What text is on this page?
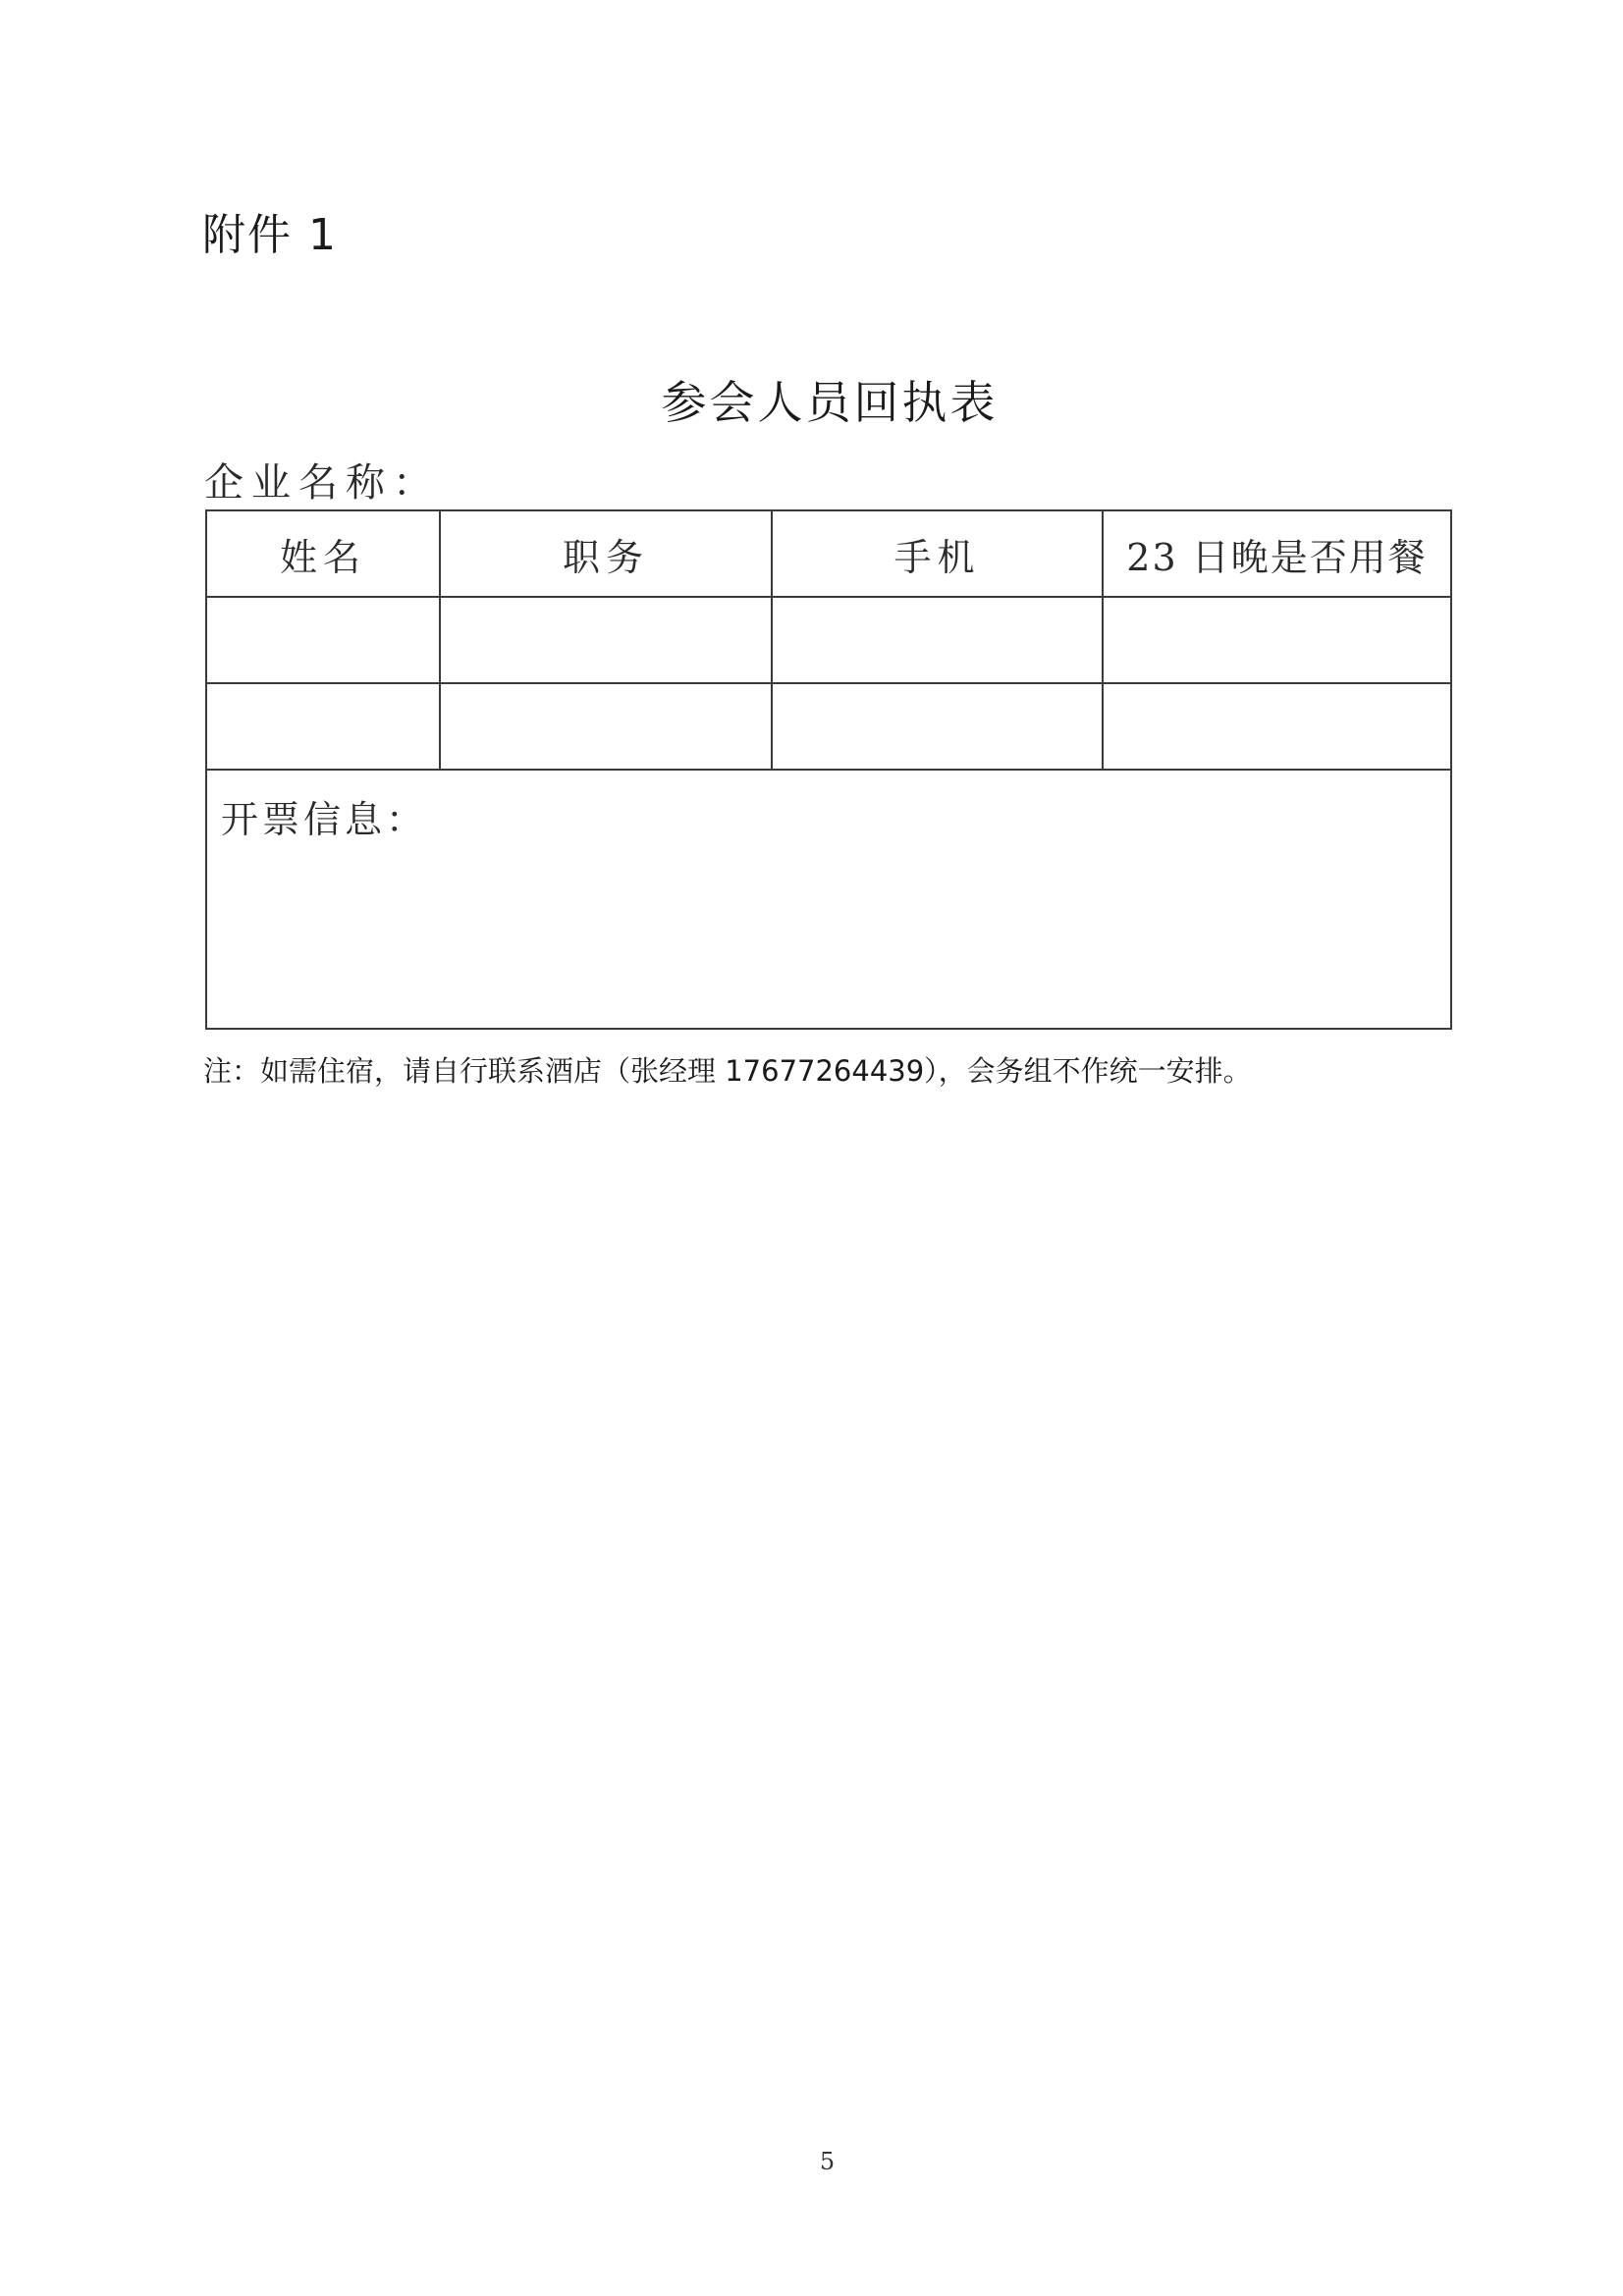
附件 1
参会人员回执表
企业名称：
姓名	职务	手机	23 日晚是否用餐

开票信息：			
注：如需住宿，请自行联系酒店（张经理 17677264439），会务组不作统一安排。
5
